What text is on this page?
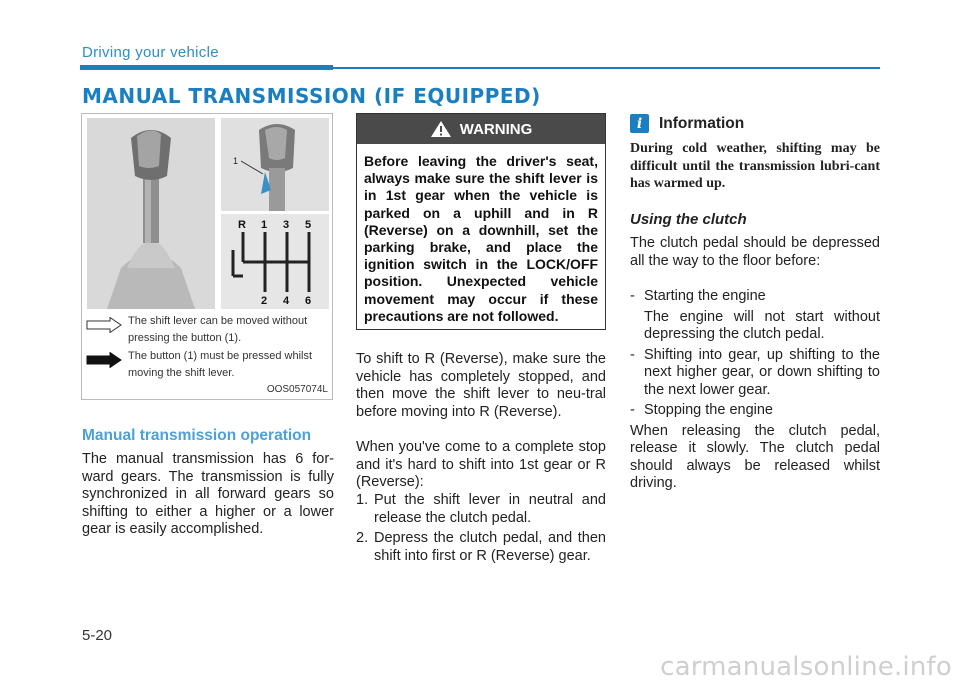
Driving your vehicle
MANUAL TRANSMISSION (IF EQUIPPED)
1
R 1 3 5
2 4 6
The shift lever can be moved without pressing the button (1).
The button (1) must be pressed whilst moving the shift lever.
OOS057074L
Manual transmission operation
The manual transmission has 6 for-ward gears. The transmission is fully synchronized in all forward gears so shifting to either a higher or a lower gear is easily accomplished.
WARNING
Before leaving the driver's seat, always make sure the shift lever is in 1st gear when the vehicle is parked on a uphill and in R (Reverse) on a downhill, set the parking brake, and place the ignition switch in the LOCK/OFF position. Unexpected vehicle movement may occur if these precautions are not followed.
To shift to R (Reverse), make sure the vehicle has completely stopped, and then move the shift lever to neu-tral before moving into R (Reverse).
When you've come to a complete stop and it's hard to shift into 1st gear or R (Reverse):
1. Put the shift lever in neutral and release the clutch pedal.
2. Depress the clutch pedal, and then shift into first or R (Reverse) gear.
i	Information
During cold weather, shifting may be difficult until the transmission lubri-cant has warmed up.
Using the clutch
The clutch pedal should be depressed all the way to the floor before:
- Starting the engine
The engine will not start without depressing the clutch pedal.
- Shifting into gear, up shifting to the next higher gear, or down shifting to the next lower gear.
- Stopping the engine
When releasing the clutch pedal, release it slowly. The clutch pedal should always be released whilst driving.
5-20
carmanualsonline.info
